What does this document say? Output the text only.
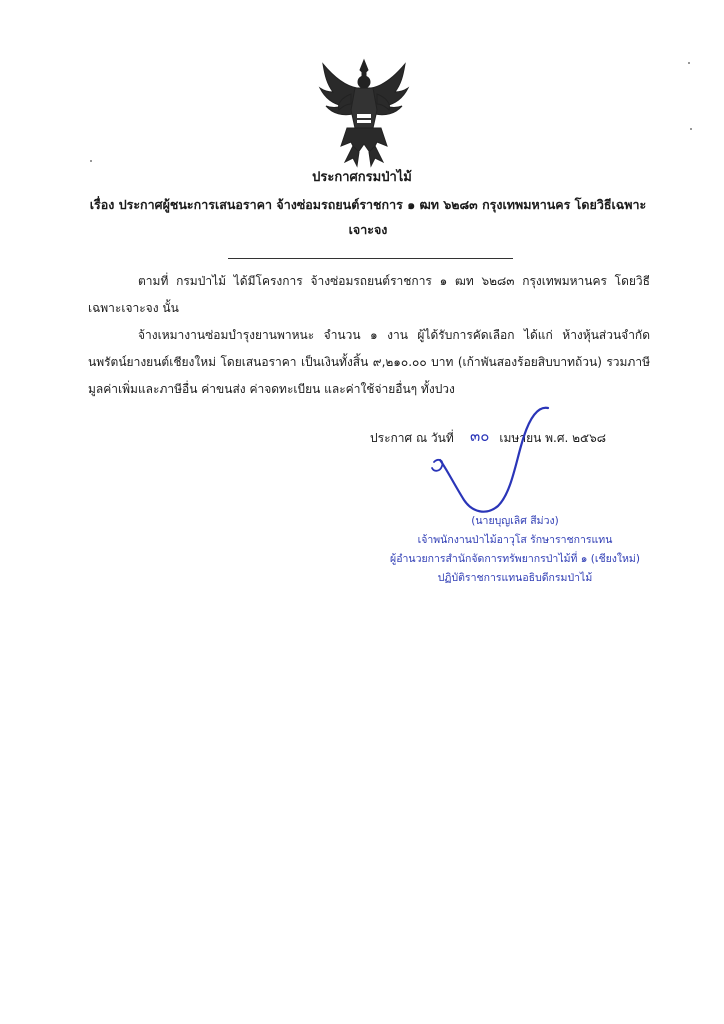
ประกาศกรมป่าไม้
เรื่อง ประกาศผู้ชนะการเสนอราคา จ้างซ่อมรถยนต์ราชการ ๑ ฒท ๖๒๘๓ กรุงเทพมหานคร โดยวิธีเฉพาะเจาะจง
ตามที่ กรมป่าไม้ ได้มีโครงการ จ้างซ่อมรถยนต์ราชการ ๑ ฒท ๖๒๘๓ กรุงเทพมหานคร โดยวิธีเฉพาะเจาะจง นั้น
จ้างเหมางานซ่อมบำรุงยานพาหนะ จำนวน ๑ งาน ผู้ได้รับการคัดเลือก ได้แก่ ห้างหุ้นส่วนจำกัดนพรัตน์ยางยนต์เชียงใหม่ โดยเสนอราคา เป็นเงินทั้งสิ้น ๙,๒๑๐.๐๐ บาท (เก้าพันสองร้อยสิบบาทถ้วน) รวมภาษีมูลค่าเพิ่มและภาษีอื่น ค่าขนส่ง ค่าจดทะเบียน และค่าใช้จ่ายอื่นๆ ทั้งปวง
ประกาศ ณ วันที่	เมษายน พ.ศ. ๒๕๖๘
๓๐
(นายบุญเลิศ สีม่วง)
เจ้าพนักงานป่าไม้อาวุโส รักษาราชการแทน
ผู้อำนวยการสำนักจัดการทรัพยากรป่าไม้ที่ ๑ (เชียงใหม่)
ปฏิบัติราชการแทนอธิบดีกรมป่าไม้
